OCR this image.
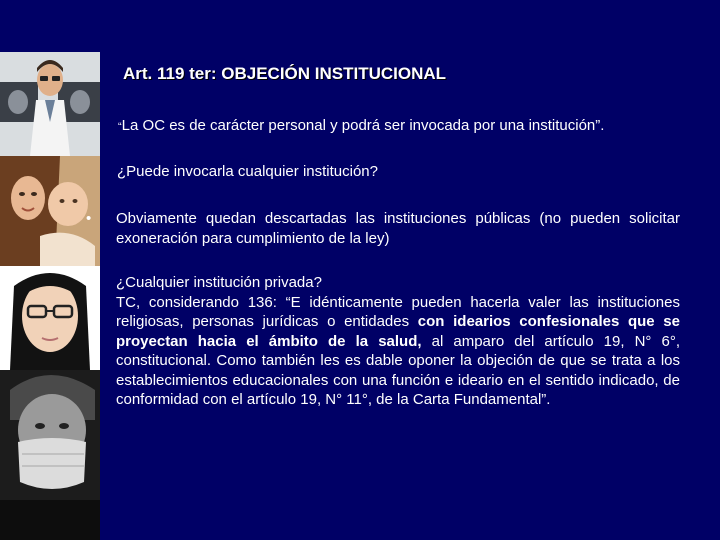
Art. 119 ter: OBJECIÓN INSTITUCIONAL
“La OC es de carácter personal y podrá ser invocada por una institución”.
¿Puede invocarla cualquier institución?
• Obviamente quedan descartadas las instituciones públicas (no pueden solicitar exoneración para cumplimiento de la ley)
• ¿Cualquier institución privada?
TC, considerando 136: “E idénticamente pueden hacerla valer las instituciones religiosas, personas jurídicas o entidades con idearios confesionales que se proyectan hacia el ámbito de la salud, al amparo del artículo 19, N° 6°, constitucional. Como también les es dable oponer la objeción de que se trata a los establecimientos educacionales con una función e ideario en el sentido indicado, de conformidad con el artículo 19, N° 11°, de la Carta Fundamental”.
